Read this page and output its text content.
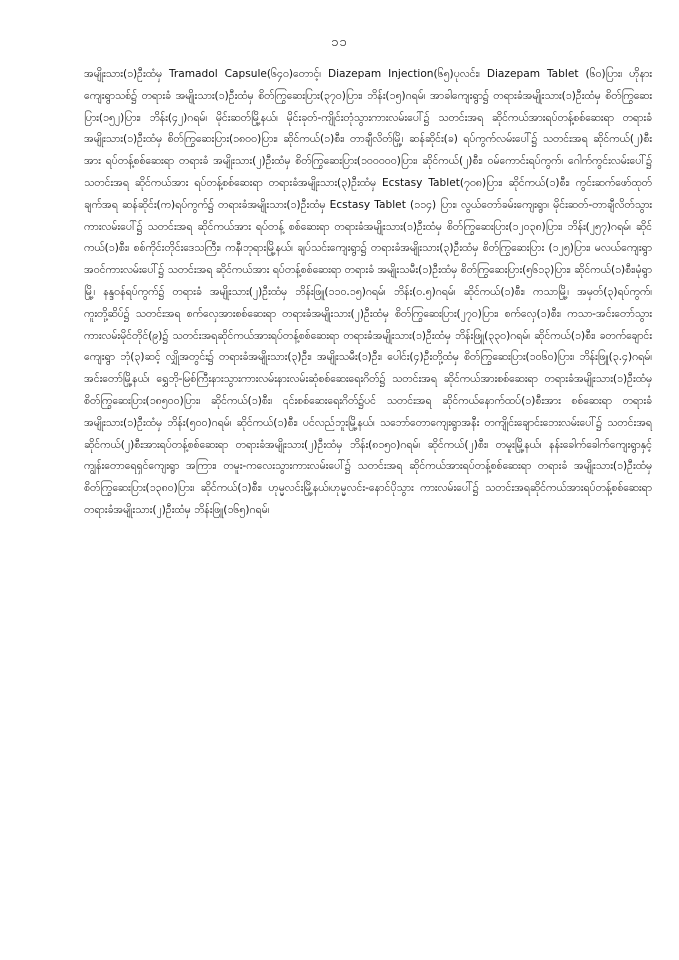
၁၁

အမျိုးသား(၁)ဦးထံမှ Tramadol Capsule(၆၄၀)တောင့်၊ Diazepam Injection(၆၅)ပုလင်း၊ Diazepam Tablet (၆၀)ပြား၊ ဟိုနားကျေးရွာသစ်၌ တရားခံ အမျိုးသား(၁)ဦးထံမှ စိတ်ကြွဆေးပြား(၃၇၀)ပြား၊ ဘိန်း(၁၅)ဂရမ်၊ အာခါကျေးရွာ၌ တရားခံအမျိုးသား(၁)ဦးထံမှ စိတ်ကြွဆေးပြား(၁၅၂)ပြား၊ ဘိန်း(၄၂)ဂရမ်၊ မိုင်းဆတ်မြို့နယ်၊ မိုင်းခုတ်-ကျိုင်းတုံသွားကားလမ်းပေါ်၌ သတင်းအရ ဆိုင်ကယ်အားရပ်တန့်စစ်ဆေးရာ တရားခံအမျိုးသား(၁)ဦးထံမှ စိတ်ကြွဆေးပြား(၁၈၀၀)ပြား၊ ဆိုင်ကယ်(၁)စီး၊ တာချီလိတ်မြို့၊ ဆန်ဆိုင်း(ခ) ရပ်ကွက်လမ်းပေါ်၌ သတင်းအရ ဆိုင်ကယ်(၂)စီးအား ရပ်တန့်စစ်ဆေးရာ တရားခံ အမျိုးသား(၂)ဦးထံမှ စိတ်ကြွဆေးပြား(၁၀၀၀၀၀)ပြား၊ ဆိုင်ကယ်(၂)စီး၊ ဝမ်ကောင်းရပ်ကွက်၊ ဂေါက်ကွင်းလမ်းပေါ်၌ သတင်းအရ ဆိုင်ကယ်အား ရပ်တန့်စစ်ဆေးရာ တရားခံအမျိုးသား(၃)ဦးထံမှ Ecstasy Tablet(၇၀၈)ပြား၊ ဆိုင်ကယ်(၁)စီး၊ ကွင်းဆက်ဖော်ထုတ်ချက်အရ ဆန်ဆိုင်း(က)ရပ်ကွက်၌ တရားခံအမျိုးသား(၁)ဦးထံမှ Ecstasy Tablet (၁၁၄) ပြား၊ လွယ်တော်ခမ်းကျေးရွာ၊ မိုင်းဆတ်-တာချီလိတ်သွားကားလမ်းပေါ်၌ သတင်းအရ ဆိုင်ကယ်အား ရပ်တန့် စစ်ဆေးရာ တရားခံအမျိုးသား(၁)ဦးထံမှ စိတ်ကြွဆေးပြား(၁၂၀၃၈)ပြား၊ ဘိန်း(၂၅၇)ဂရမ်၊ ဆိုင်ကယ်(၁)စီး၊ စစ်ကိုင်းတိုင်းဒေသကြီး၊ ကနီ၊ဘုရားမြို့နယ်၊ ချပ်သင်းကျေးရွာ၌ တရားခံအမျိုးသား(၃)ဦးထံမှ စိတ်ကြွဆေးပြား (၁၂၅)ပြား၊ မလယ်ကျေးရွာအဝင်ကားလမ်းပေါ်၌ သတင်းအရ ဆိုင်ကယ်အား ရပ်တန့်စစ်ဆေးရာ တရားခံ အမျိုးသမီး(၁)ဦးထံမှ စိတ်ကြွဆေးပြား(၅၆၁၃)ပြား၊ ဆိုင်ကယ်(၁)စီး၊မုံရွာမြို့၊ နန္ဒဝန်ရပ်ကွက်၌ တရားခံ အမျိုးသား(၂)ဦးထံမှ ဘိန်းဖြူ(၁၁၀.၁၅)ဂရမ်၊ ဘိန်း(၀.၅)ဂရမ်၊ ဆိုင်ကယ်(၁)စီး၊ ကသာမြို့၊ အမှတ်(၃)ရပ်ကွက်၊ ကူးတို့ဆိပ်၌ သတင်းအရ စက်လှေအားစစ်ဆေးရာ တရားခံအမျိုးသား(၂)ဦးထံမှ စိတ်ကြွဆေးပြား(၂၇၀)ပြား၊ စက်လှေ(၁)စီး၊ ကသာ-အင်းတော်သွားကားလမ်းမိုင်တိုင်(၉)၌ သတင်းအရဆိုင်ကယ်အားရပ်တန့်စစ်ဆေးရာ တရားခံအမျိုးသား(၁)ဦးထံမှ ဘိန်းဖြူ(၃၃၀)ဂရမ်၊ ဆိုင်ကယ်(၁)စီး၊ ခတက်ချောင်းကျေးရွာ ဘုံ(၃)ဆင့် လျှိုအတွင်း၌ တရားခံအမျိုးသား(၃)ဦး၊ အမျိုးသမီး(၁)ဦး၊ ပေါင်း(၄)ဦးတို့ထံမှ စိတ်ကြွဆေးပြား(၁၀၆၀)ပြား၊ ဘိန်းဖြူ(၃.၄)ဂရမ်၊ အင်းတော်မြို့နယ်၊ ရွှေဘို-မြစ်ကြီးနားသွားကားလမ်းနားလမ်းဆုံစစ်ဆေးရေးဂိတ်၌ သတင်းအရ ဆိုင်ကယ်အားစစ်ဆေးရာ တရားခံအမျိုးသား(၁)ဦးထံမှ စိတ်ကြွဆေးပြား(၁၈၅၀၀)ပြား၊ ဆိုင်ကယ်(၁)စီး၊ ၎င်းစစ်ဆေးရေးဂိတ်၌ပင် သတင်းအရ ဆိုင်ကယ်နောက်ထပ်(၁)စီးအား စစ်ဆေးရာ တရားခံ အမျိုးသား(၁)ဦးထံမှ ဘိန်း(၅၀၀)ဂရမ်၊ ဆိုင်ကယ်(၁)စီး၊ ပင်လည်ဘူးမြို့နယ်၊ သဘော်တောကျေးရွာအနီး တကျိုင်းချောင်းဘေးလမ်းပေါ်၌ သတင်းအရ ဆိုင်ကယ်(၂)စီးအားရပ်တန့်စစ်ဆေးရာ တရားခံအမျိုးသား(၂)ဦးထံမှ ဘိန်း(၈၁၅၀)ဂရမ်၊ ဆိုင်ကယ်(၂)စီး၊ တမူးမြို့နယ်၊ နန်းခေါက်ခေါက်ကျေးရွာနှင့် ကျွန်းတောရေရှင်ကျေးရွာ အကြား၊ တမူး-ကလေးသွားကားလမ်းပေါ်၌ သတင်းအရ ဆိုင်ကယ်အားရပ်တန့်စစ်ဆေးရာ တရားခံ အမျိုးသား(၁)ဦးထံမှ စိတ်ကြွဆေးပြား(၁၃၈၀)ပြား၊ ဆိုင်ကယ်(၁)စီး၊ ဟုမ္မလင်းမြို့နယ်၊ဟုမ္မလင်း-နောင်ပိုသွား ကားလမ်းပေါ်၌ သတင်းအရဆိုင်ကယ်အားရပ်တန့်စစ်ဆေးရာ တရားခံအမျိုးသား(၂)ဦးထံမှ ဘိန်းဖြူ(၁၆၅)ဂရမ်၊
